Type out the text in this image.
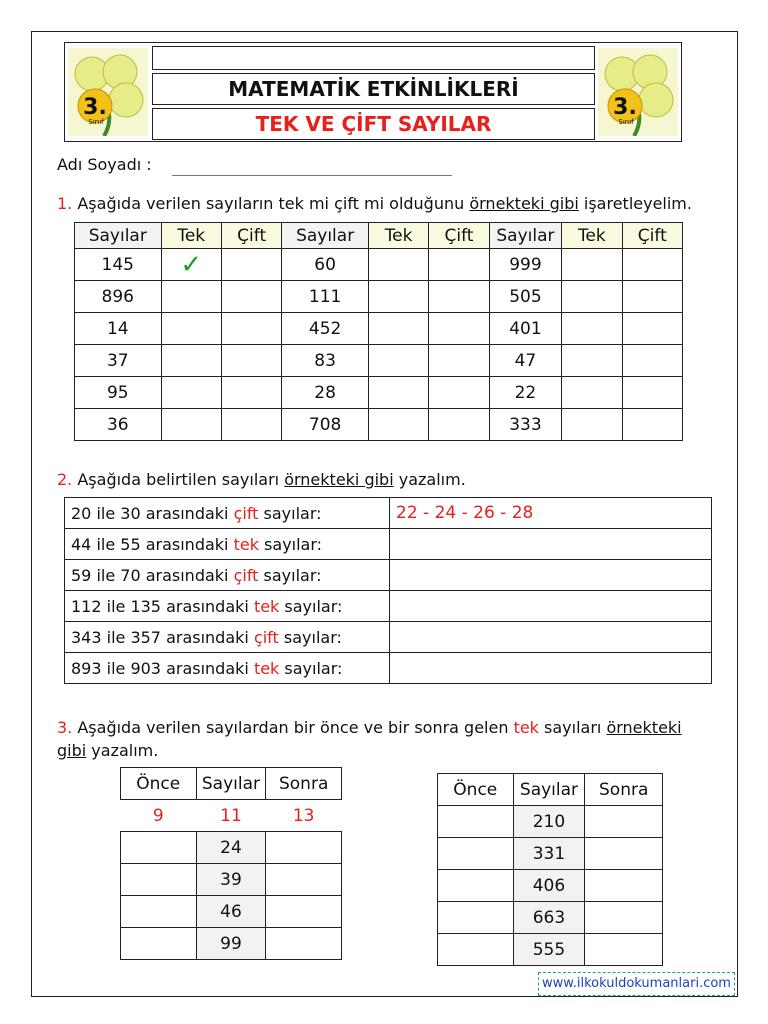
3.
Sınıf
MATEMATİK ETKİNLİKLERİ
TEK VE ÇİFT SAYILAR
3.
Sınıf
Adı Soyadı :
1. Aşağıda verilen sayıların tek mi çift mi olduğunu örnekteki gibi işaretleyelim.
Sayılar	Tek	Çift	Sayılar	Tek	Çift	Sayılar	Tek	Çift
145	✓		60			999		
896			111			505		
14			452			401		
37			83			47		
95			28			22		
36			708			333		
2. Aşağıda belirtilen sayıları örnekteki gibi yazalım.
20 ile 30 arasındaki çift sayılar:	22 - 24 - 26 - 28
44 ile 55 arasındaki tek sayılar:	
59 ile 70 arasındaki çift sayılar:	
112 ile 135 arasındaki tek sayılar:	
343 ile 357 arasındaki çift sayılar:	
893 ile 903 arasındaki tek sayılar:	
3. Aşağıda verilen sayılardan bir önce ve bir sonra gelen tek sayıları örnekteki
gibi yazalım.
Önce	Sayılar	Sonra
9	11	13
	24	
	39	
	46	
	99	
Önce	Sayılar	Sonra
	210	
	331	
	406	
	663	
	555	
www.ilkokuldokumanlari.com
